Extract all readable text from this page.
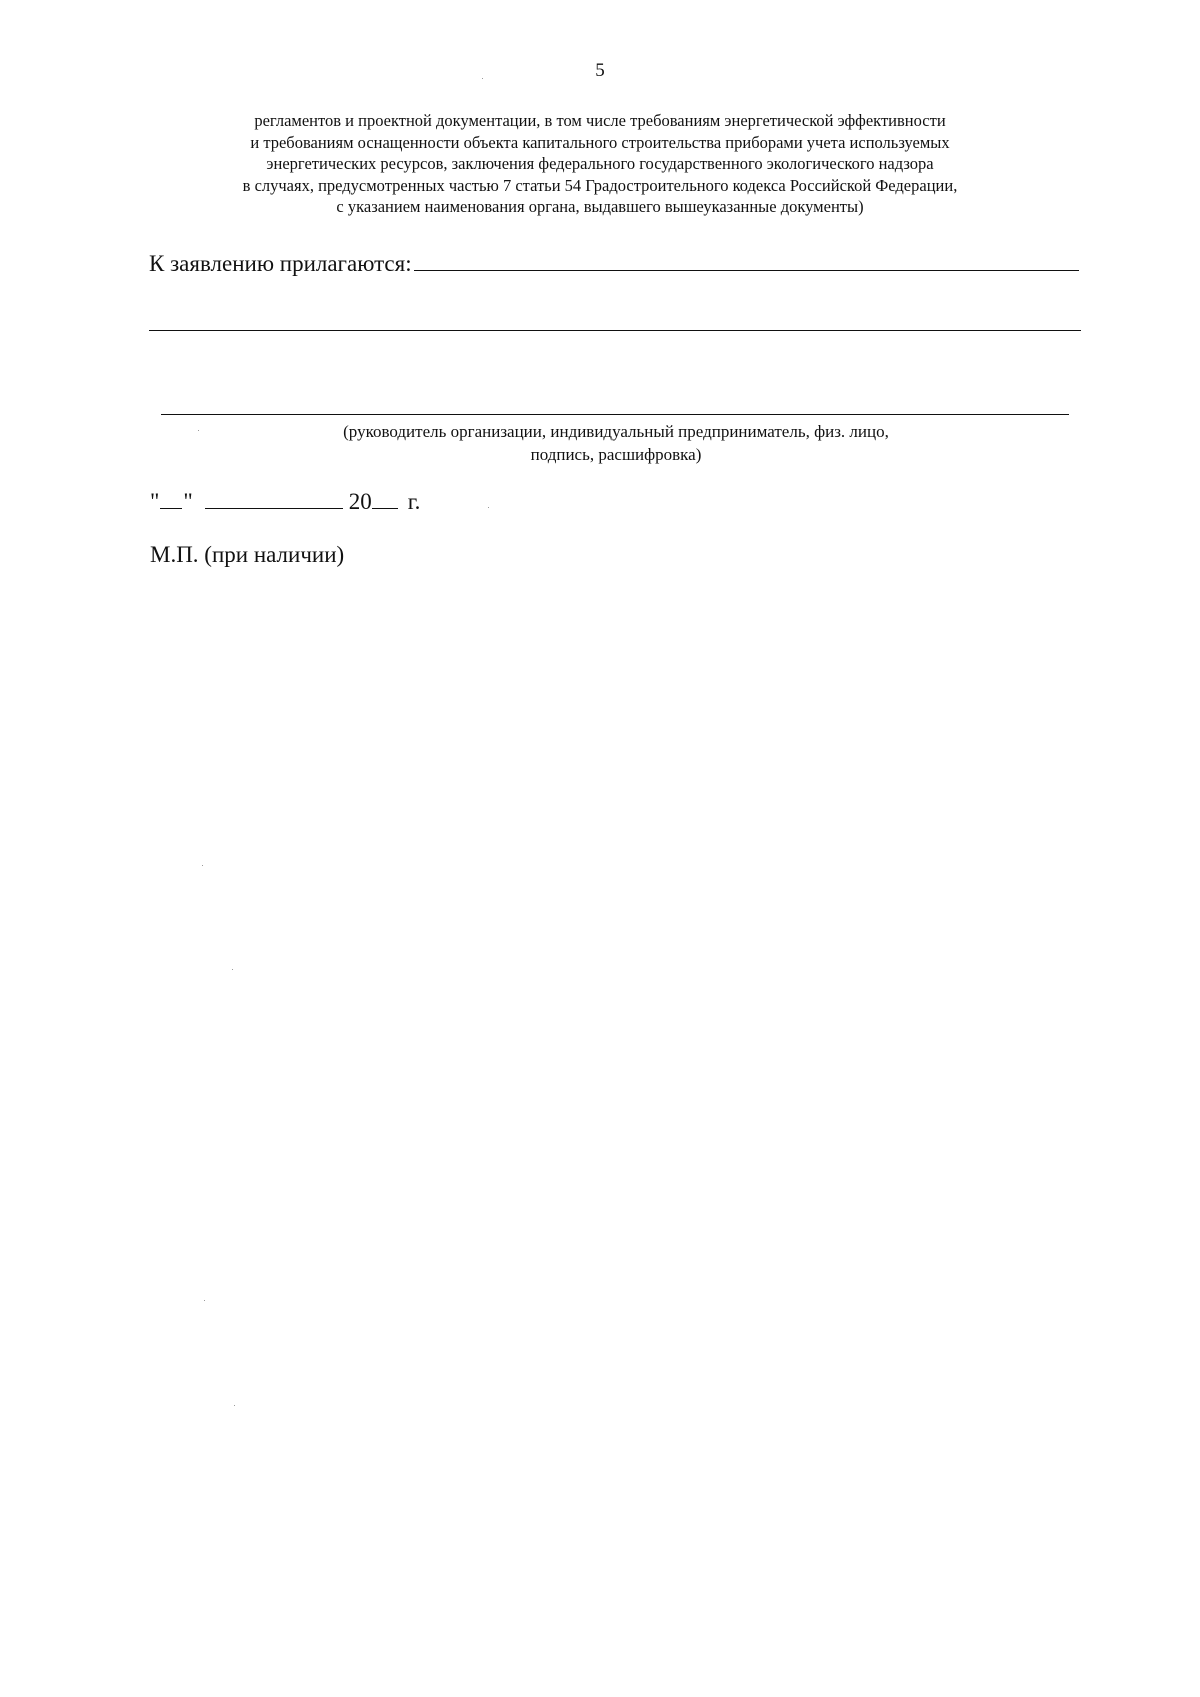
5
регламентов и проектной документации, в том числе требованиям энергетической эффективности
и требованиям оснащенности объекта капитального строительства приборами учета используемых
энергетических ресурсов, заключения федерального государственного экологического надзора
в случаях, предусмотренных частью 7 статьи 54 Градостроительного кодекса Российской Федерации,
с указанием наименования органа, выдавшего вышеуказанные документы)
К заявлению прилагаются:
(руководитель организации, индивидуальный предприниматель, физ. лицо,
подпись, расшифровка)
" "	20 г.
М.П. (при наличии)
